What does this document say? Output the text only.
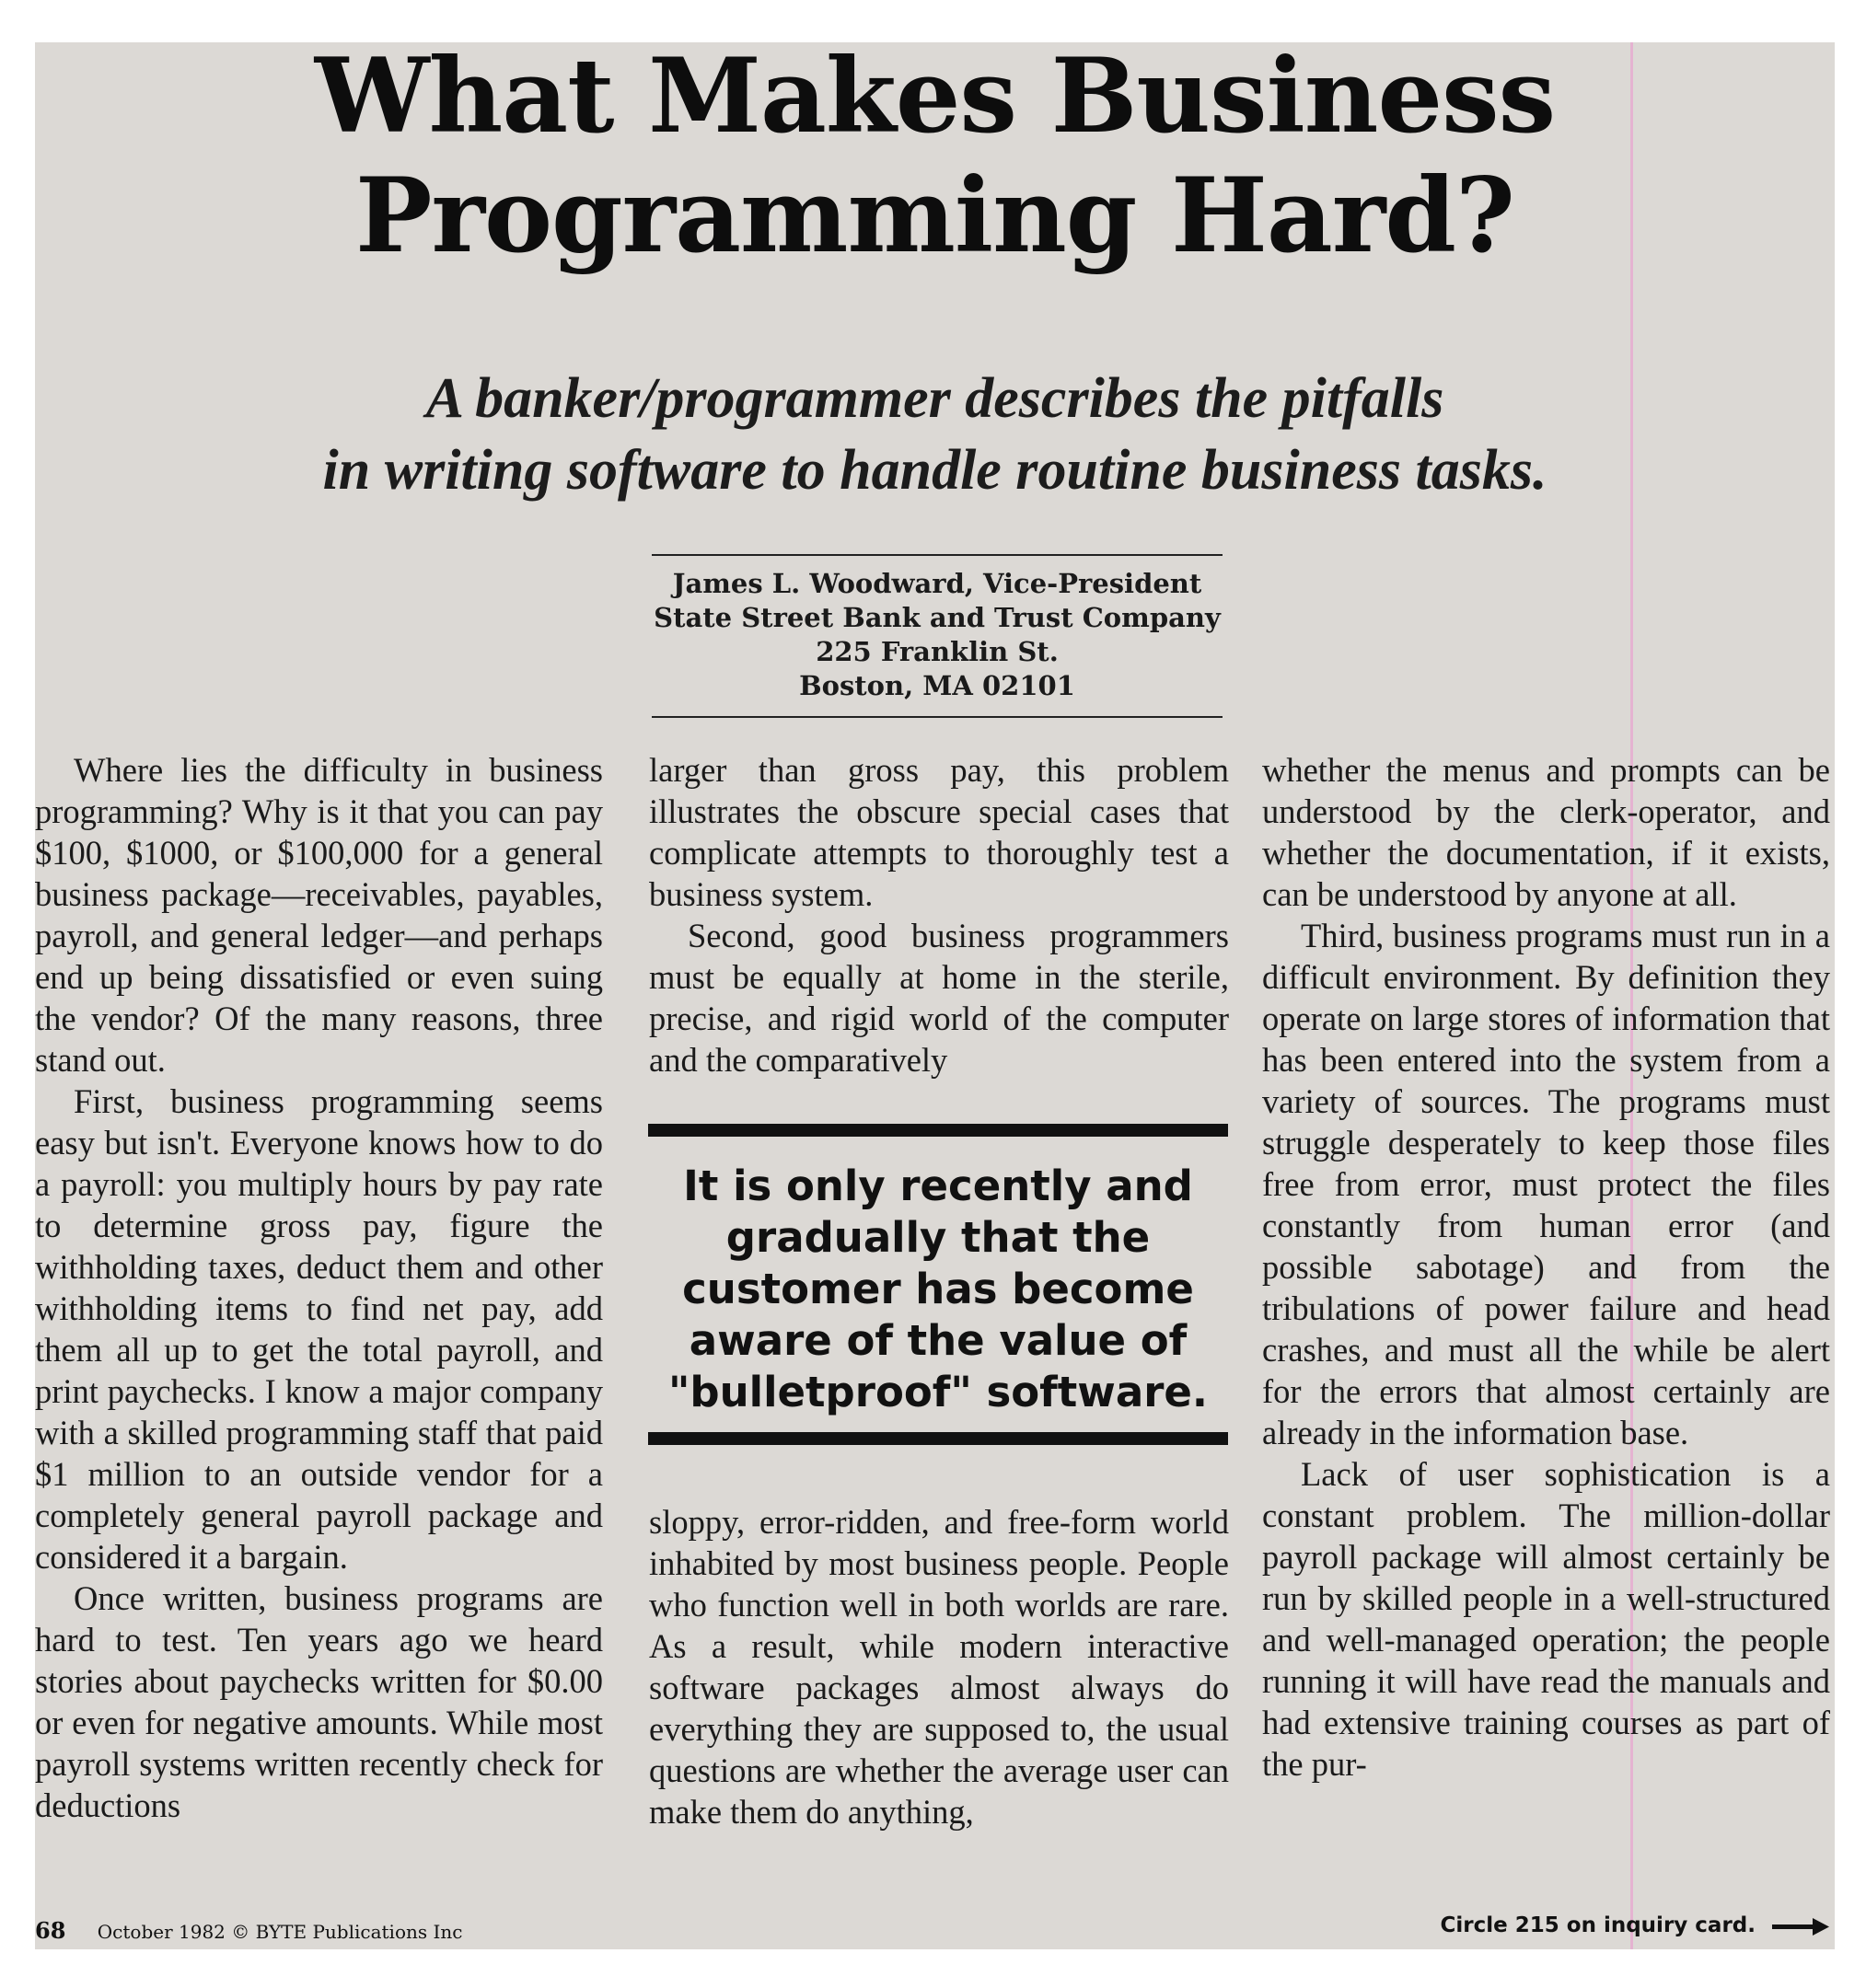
What Makes Business
Programming Hard?
A banker/programmer describes the pitfalls
in writing software to handle routine business tasks.
James L. Woodward, Vice-President
State Street Bank and Trust Company
225 Franklin St.
Boston, MA 02101

Where lies the difficulty in business programming? Why is it that you can pay $100, $1000, or $100,000 for a general business package—receivables, payables, payroll, and general ledger—and perhaps end up being dissatisfied or even suing the vendor? Of the many reasons, three stand out.

First, business programming seems easy but isn't. Everyone knows how to do a payroll: you multiply hours by pay rate to determine gross pay, figure the withholding taxes, deduct them and other withholding items to find net pay, add them all up to get the total payroll, and print paychecks. I know a major company with a skilled programming staff that paid $1 million to an outside vendor for a completely general payroll package and considered it a bargain.

Once written, business programs are hard to test. Ten years ago we heard stories about paychecks written for $0.00 or even for negative amounts. While most payroll systems written recently check for deductions

larger than gross pay, this problem illustrates the obscure special cases that complicate attempts to thoroughly test a business system.

Second, good business programmers must be equally at home in the sterile, precise, and rigid world of the computer and the comparatively

It is only recently and gradually that the customer has become aware of the value of "bulletproof" software.

sloppy, error-ridden, and free-form world inhabited by most business people. People who function well in both worlds are rare. As a result, while modern interactive software packages almost always do everything they are supposed to, the usual questions are whether the average user can make them do anything,

whether the menus and prompts can be understood by the clerk-operator, and whether the documentation, if it exists, can be understood by anyone at all.

Third, business programs must run in a difficult environment. By definition they operate on large stores of information that has been entered into the system from a variety of sources. The programs must struggle desperately to keep those files free from error, must protect the files constantly from human error (and possible sabotage) and from the tribulations of power failure and head crashes, and must all the while be alert for the errors that almost certainly are already in the information base.

Lack of user sophistication is a constant problem. The million-dollar payroll package will almost certainly be run by skilled people in a well-structured and well-managed operation; the people running it will have read the manuals and had extensive training courses as part of the pur-

68 October 1982 © BYTE Publications Inc	Circle 215 on inquiry card.
